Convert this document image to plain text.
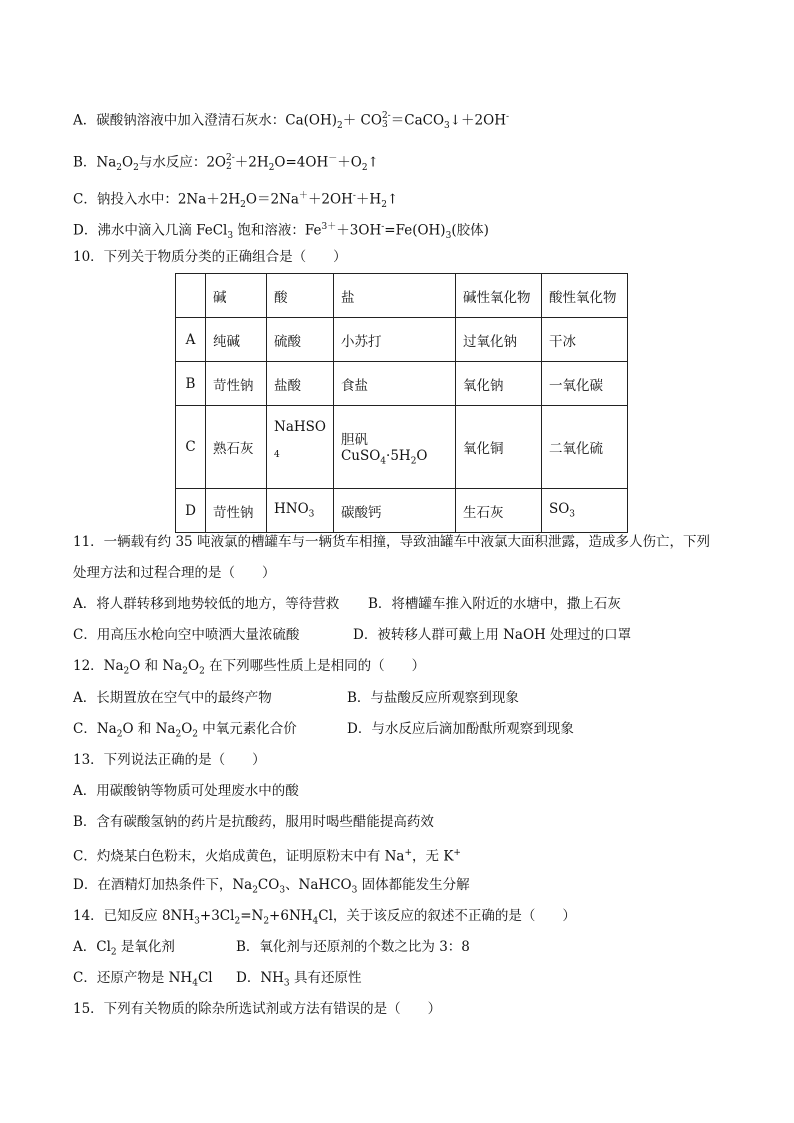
A．碳酸钠溶液中加入澄清石灰水：$Ca(OH)_2+$ CO 2-
3 ＝CaCO$_3$↓＋2OH-
B．$Na_2O_2$与水反应：2O 2-
$2 +2H_2O=4OH^-+O_2↑$
C．钠投入水中：$2Na+2H_2O=2Na^++2OH^-+H_2↑$
D．沸水中滴入几滴 FeCl$_3$ 饱和溶液：$Fe^{3+}+3OH^-=Fe(OH)_3$(胶体)
10．下列关于物质分类的正确组合是（　　）
	碱	酸	盐	碱性氧化物	酸性氧化物
A	纯碱	硫酸	小苏打	过氧化钠	干冰
B	苛性钠	盐酸	食盐	氧化钠	一氧化碳
C	熟石灰	NaHSO
4	胆矾 $CuSO_4\cdot 5H_2O$	氧化铜	二氧化硫
D	苛性钠	$HNO_3$	碳酸钙	生石灰	$SO_3$
11．一辆载有约 35 吨液氯的槽罐车与一辆货车相撞，导致油罐车中液氯大面积泄露，造成多人伤亡，下列
处理方法和过程合理的是（　　）
A．将人群转移到地势较低的地方，等待营救 B．将槽罐车推入附近的水塘中，撒上石灰
C．用高压水枪向空中喷洒大量浓硫酸	D．被转移人群可戴上用 NaOH 处理过的口罩
12．$Na_2O$ 和 $Na_2O_2$ 在下列哪些性质上是相同的（　　）
A．长期置放在空气中的最终产物	B．与盐酸反应所观察到现象
C．$Na_2O$ 和 $Na_2O_2$ 中氧元素化合价	D．与水反应后滴加酚酞所观察到现象
13．下列说法正确的是（　　）
A．用碳酸钠等物质可处理废水中的酸
B．含有碳酸氢钠的药片是抗酸药，服用时喝些醋能提高药效
C．灼烧某白色粉末，火焰成黄色，证明原粉末中有 Na+，无 K+
D．在酒精灯加热条件下，$Na_2CO_3$、NaHCO$_3$ 固体都能发生分解
14．已知反应 $8NH_3+3Cl_2=N_2+6NH_4Cl$，关于该反应的叙述不正确的是（　　）
A．$Cl_2$ 是氧化剂	B．氧化剂与还原剂的个数之比为 3：8
C．还原产物是 $NH_4Cl$ D．$NH_3$ 具有还原性
15．下列有关物质的除杂所选试剂或方法有错误的是（　　）
